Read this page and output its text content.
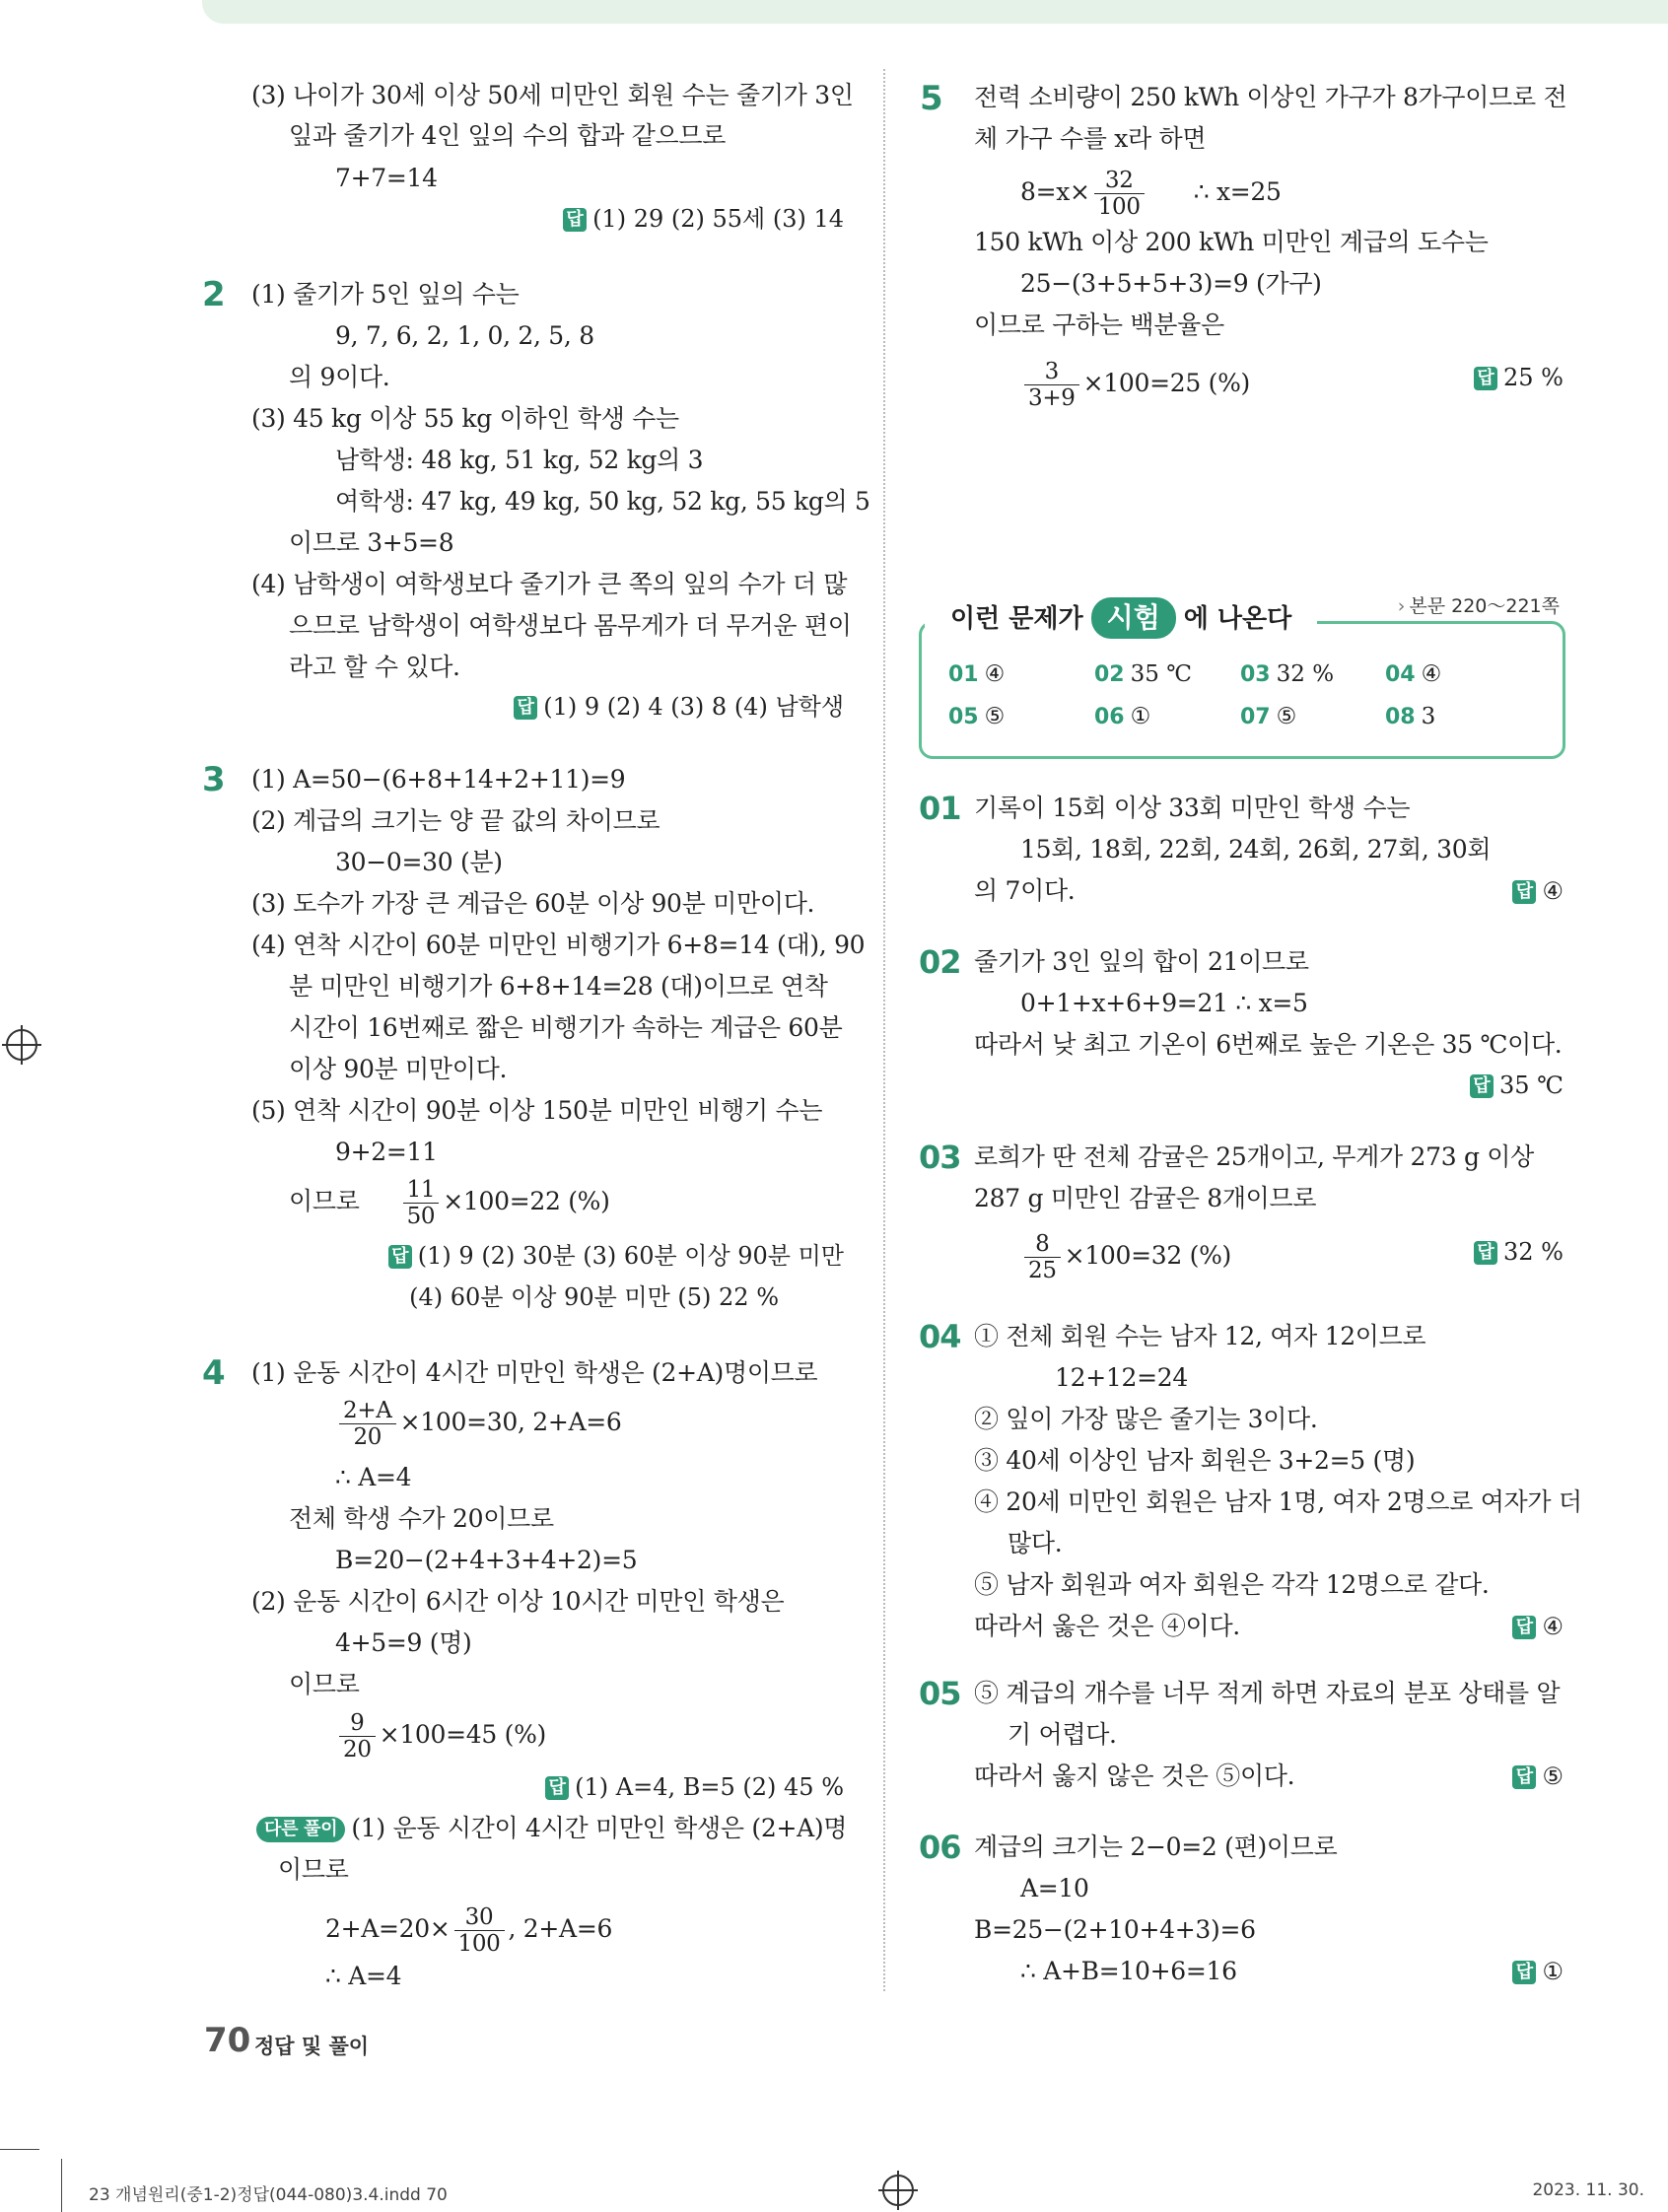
(3) 나이가 30세 이상 50세 미만인 회원 수는 줄기가 3인
잎과 줄기가 4인 잎의 수의 합과 같으므로
7+7=14
답 (1) 29 (2) 55세 (3) 14
2 (1) 줄기가 5인 잎의 수는
9, 7, 6, 2, 1, 0, 2, 5, 8
의 9이다.
(3) 45 kg 이상 55 kg 이하인 학생 수는
남학생: 48 kg, 51 kg, 52 kg의 3
여학생: 47 kg, 49 kg, 50 kg, 52 kg, 55 kg의 5
이므로 3+5=8
(4) 남학생이 여학생보다 줄기가 큰 쪽의 잎의 수가 더 많
으므로 남학생이 여학생보다 몸무게가 더 무거운 편이
라고 할 수 있다.
답 (1) 9 (2) 4 (3) 8 (4) 남학생
3 (1) A=50−(6+8+14+2+11)=9
(2) 계급의 크기는 양 끝 값의 차이므로
30−0=30 (분)
(3) 도수가 가장 큰 계급은 60분 이상 90분 미만이다.
(4) 연착 시간이 60분 미만인 비행기가 6+8=14 (대), 90
분 미만인 비행기가 6+8+14=28 (대)이므로 연착
시간이 16번째로 짧은 비행기가 속하는 계급은 60분
이상 90분 미만이다.
(5) 연착 시간이 90분 이상 150분 미만인 비행기 수는
9+2=11
이므로 $\frac{11}{50} \times 100=22$ (%)
답 (1) 9 (2) 30분 (3) 60분 이상 90분 미만
(4) 60분 이상 90분 미만 (5) 22 %
4 (1) 운동 시간이 4시간 미만인 학생은 (2+A)명이므로
$\frac{2+A}{20} \times 100=30$, 2+A=6
∴ A=4
전체 학생 수가 20이므로
B=20−(2+4+3+4+2)=5
(2) 운동 시간이 6시간 이상 10시간 미만인 학생은
4+5=9 (명)
이므로
$\frac{9}{20} \times 100=45$ (%)
답 (1) A=4, B=5 (2) 45 %
다른 풀이 (1) 운동 시간이 4시간 미만인 학생은 (2+A)명
이므로
$2+A=20\times \frac{30}{100}$ , 2+A=6
∴ A=4
5 전력 소비량이 250 kWh 이상인 가구가 8가구이므로 전
체 가구 수를 x라 하면
$8=x\times \frac{32}{100}$ ∴ x=25
150 kWh 이상 200 kWh 미만인 계급의 도수는
25−(3+5+5+3)=9 (가구)
이므로 구하는 백분율은
$\frac{3}{3+9} \times 100=25$ (%)	답 25 %
이런 문제가 시험 에 나온다	› 본문 220～221쪽
01 ④	02 35 ℃ 03 32 % 04 ④
05 ⑤	06 ①	07 ⑤	08 3
01 기록이 15회 이상 33회 미만인 학생 수는
15회, 18회, 22회, 24회, 26회, 27회, 30회
의 7이다.	답 ④
02 줄기가 3인 잎의 합이 21이므로
0+1+x+6+9=21 ∴ x=5
따라서 낮 최고 기온이 6번째로 높은 기온은 35 ℃이다.
답 35 ℃
03 로희가 딴 전체 감귤은 25개이고, 무게가 273 g 이상
287 g 미만인 감귤은 8개이므로
$\frac{8}{25} \times 100=32$ (%)	답 32 %
04 ① 전체 회원 수는 남자 12, 여자 12이므로
12+12=24
② 잎이 가장 많은 줄기는 3이다.
③ 40세 이상인 남자 회원은 3+2=5 (명)
④ 20세 미만인 회원은 남자 1명, 여자 2명으로 여자가 더
많다.
⑤ 남자 회원과 여자 회원은 각각 12명으로 같다.
따라서 옳은 것은 ④이다.	답 ④
05 ⑤ 계급의 개수를 너무 적게 하면 자료의 분포 상태를 알
기 어렵다.
따라서 옳지 않은 것은 ⑤이다.	답 ⑤
06 계급의 크기는 2−0=2 (편)이므로
A=10
B=25−(2+10+4+3)=6
∴ A+B=10+6=16	답 ①
70 정답 및 풀이
23 개념원리(중1-2)정답(044-080)3.4.indd 70	2023. 11. 30.
